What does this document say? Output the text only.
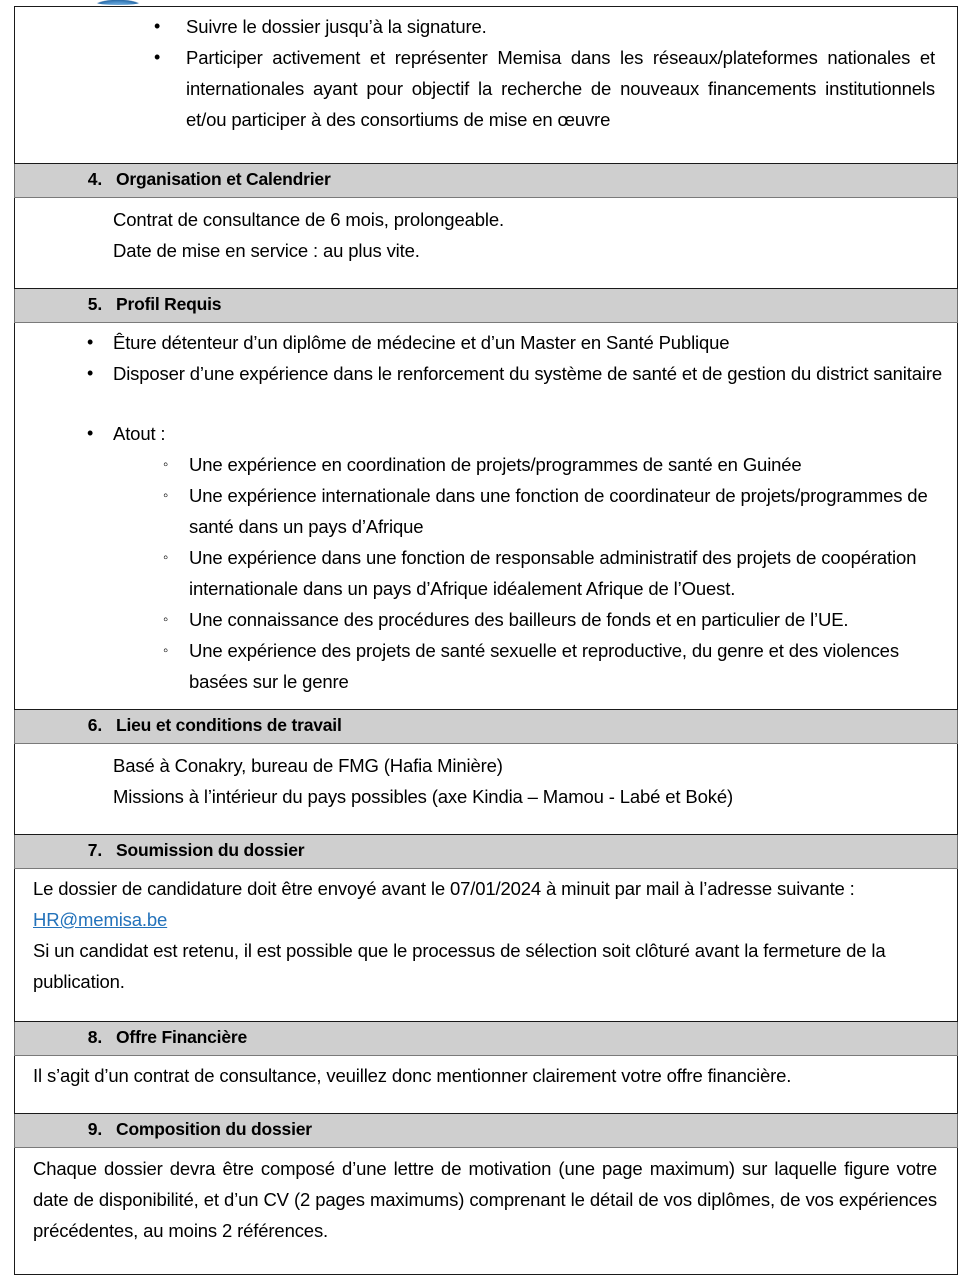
• Suivre le dossier jusqu’à la signature.
• Participer activement et représenter Memisa dans les réseaux/plateformes nationales et internationales ayant pour objectif la recherche de nouveaux financements institutionnels et/ou participer à des consortiums de mise en œuvre

4. Organisation et Calendrier

Contrat de consultance de 6 mois, prolongeable.
Date de mise en service : au plus vite.

5. Profil Requis

• Êture détenteur d’un diplôme de médecine et d’un Master en Santé Publique
• Disposer d’une expérience dans le renforcement du système de santé et de gestion du district sanitaire
• Atout :
◦ Une expérience en coordination de projets/programmes de santé en Guinée
◦ Une expérience internationale dans une fonction de coordinateur de projets/programmes de santé dans un pays d’Afrique
◦ Une expérience dans une fonction de responsable administratif des projets de coopération internationale dans un pays d’Afrique idéalement Afrique de l’Ouest.
◦ Une connaissance des procédures des bailleurs de fonds et en particulier de l’UE.
◦ Une expérience des projets de santé sexuelle et reproductive, du genre et des violences basées sur le genre

6. Lieu et conditions de travail

Basé à Conakry, bureau de FMG (Hafia Minière)
Missions à l’intérieur du pays possibles (axe Kindia – Mamou - Labé et Boké)

7. Soumission du dossier

Le dossier de candidature doit être envoyé avant le 07/01/2024 à minuit par mail à l’adresse suivante : HR@memisa.be
Si un candidat est retenu, il est possible que le processus de sélection soit clôturé avant la fermeture de la publication.

8. Offre Financière

Il s’agit d’un contrat de consultance, veuillez donc mentionner clairement votre offre financière.

9. Composition du dossier

Chaque dossier devra être composé d’une lettre de motivation (une page maximum) sur laquelle figure votre date de disponibilité, et d’un CV (2 pages maximums) comprenant le détail de vos diplômes, de vos expériences précédentes, au moins 2 références.
